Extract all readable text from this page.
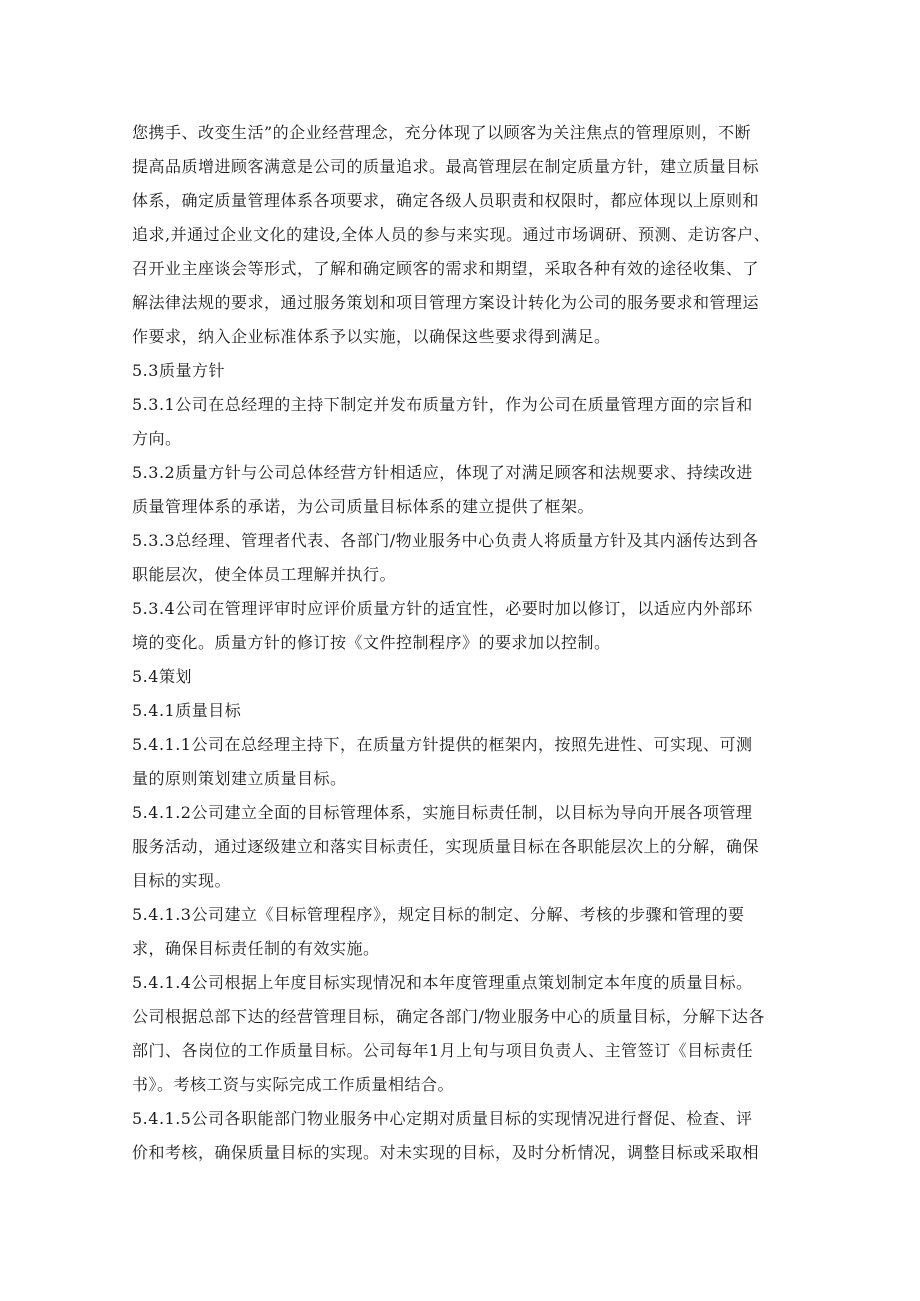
您携手、改变生活”的企业经营理念，充分体现了以顾客为关注焦点的管理原则，不断
提高品质增进顾客满意是公司的质量追求。最高管理层在制定质量方针，建立质量目标
体系，确定质量管理体系各项要求，确定各级人员职责和权限时，都应体现以上原则和
追求,并通过企业文化的建设,全体人员的参与来实现。通过市场调研、预测、走访客户、
召开业主座谈会等形式，了解和确定顾客的需求和期望，采取各种有效的途径收集、了
解法律法规的要求，通过服务策划和项目管理方案设计转化为公司的服务要求和管理运
作要求，纳入企业标准体系予以实施，以确保这些要求得到满足。
5.3质量方针
5.3.1公司在总经理的主持下制定并发布质量方针，作为公司在质量管理方面的宗旨和
方向。
5.3.2质量方针与公司总体经营方针相适应，体现了对满足顾客和法规要求、持续改进
质量管理体系的承诺，为公司质量目标体系的建立提供了框架。
5.3.3总经理、管理者代表、各部门/物业服务中心负责人将质量方针及其内涵传达到各
职能层次，使全体员工理解并执行。
5.3.4公司在管理评审时应评价质量方针的适宜性，必要时加以修订，以适应内外部环
境的变化。质量方针的修订按《文件控制程序》的要求加以控制。
5.4策划
5.4.1质量目标
5.4.1.1公司在总经理主持下，在质量方针提供的框架内，按照先进性、可实现、可测
量的原则策划建立质量目标。
5.4.1.2公司建立全面的目标管理体系，实施目标责任制，以目标为导向开展各项管理
服务活动，通过逐级建立和落实目标责任，实现质量目标在各职能层次上的分解，确保
目标的实现。
5.4.1.3公司建立《目标管理程序》，规定目标的制定、分解、考核的步骤和管理的要
求，确保目标责任制的有效实施。
5.4.1.4公司根据上年度目标实现情况和本年度管理重点策划制定本年度的质量目标。
公司根据总部下达的经营管理目标，确定各部门/物业服务中心的质量目标，分解下达各
部门、各岗位的工作质量目标。公司每年1月上旬与项目负责人、主管签订《目标责任
书》。考核工资与实际完成工作质量相结合。
5.4.1.5公司各职能部门物业服务中心定期对质量目标的实现情况进行督促、检查、评
价和考核，确保质量目标的实现。对未实现的目标，及时分析情况，调整目标或采取相
